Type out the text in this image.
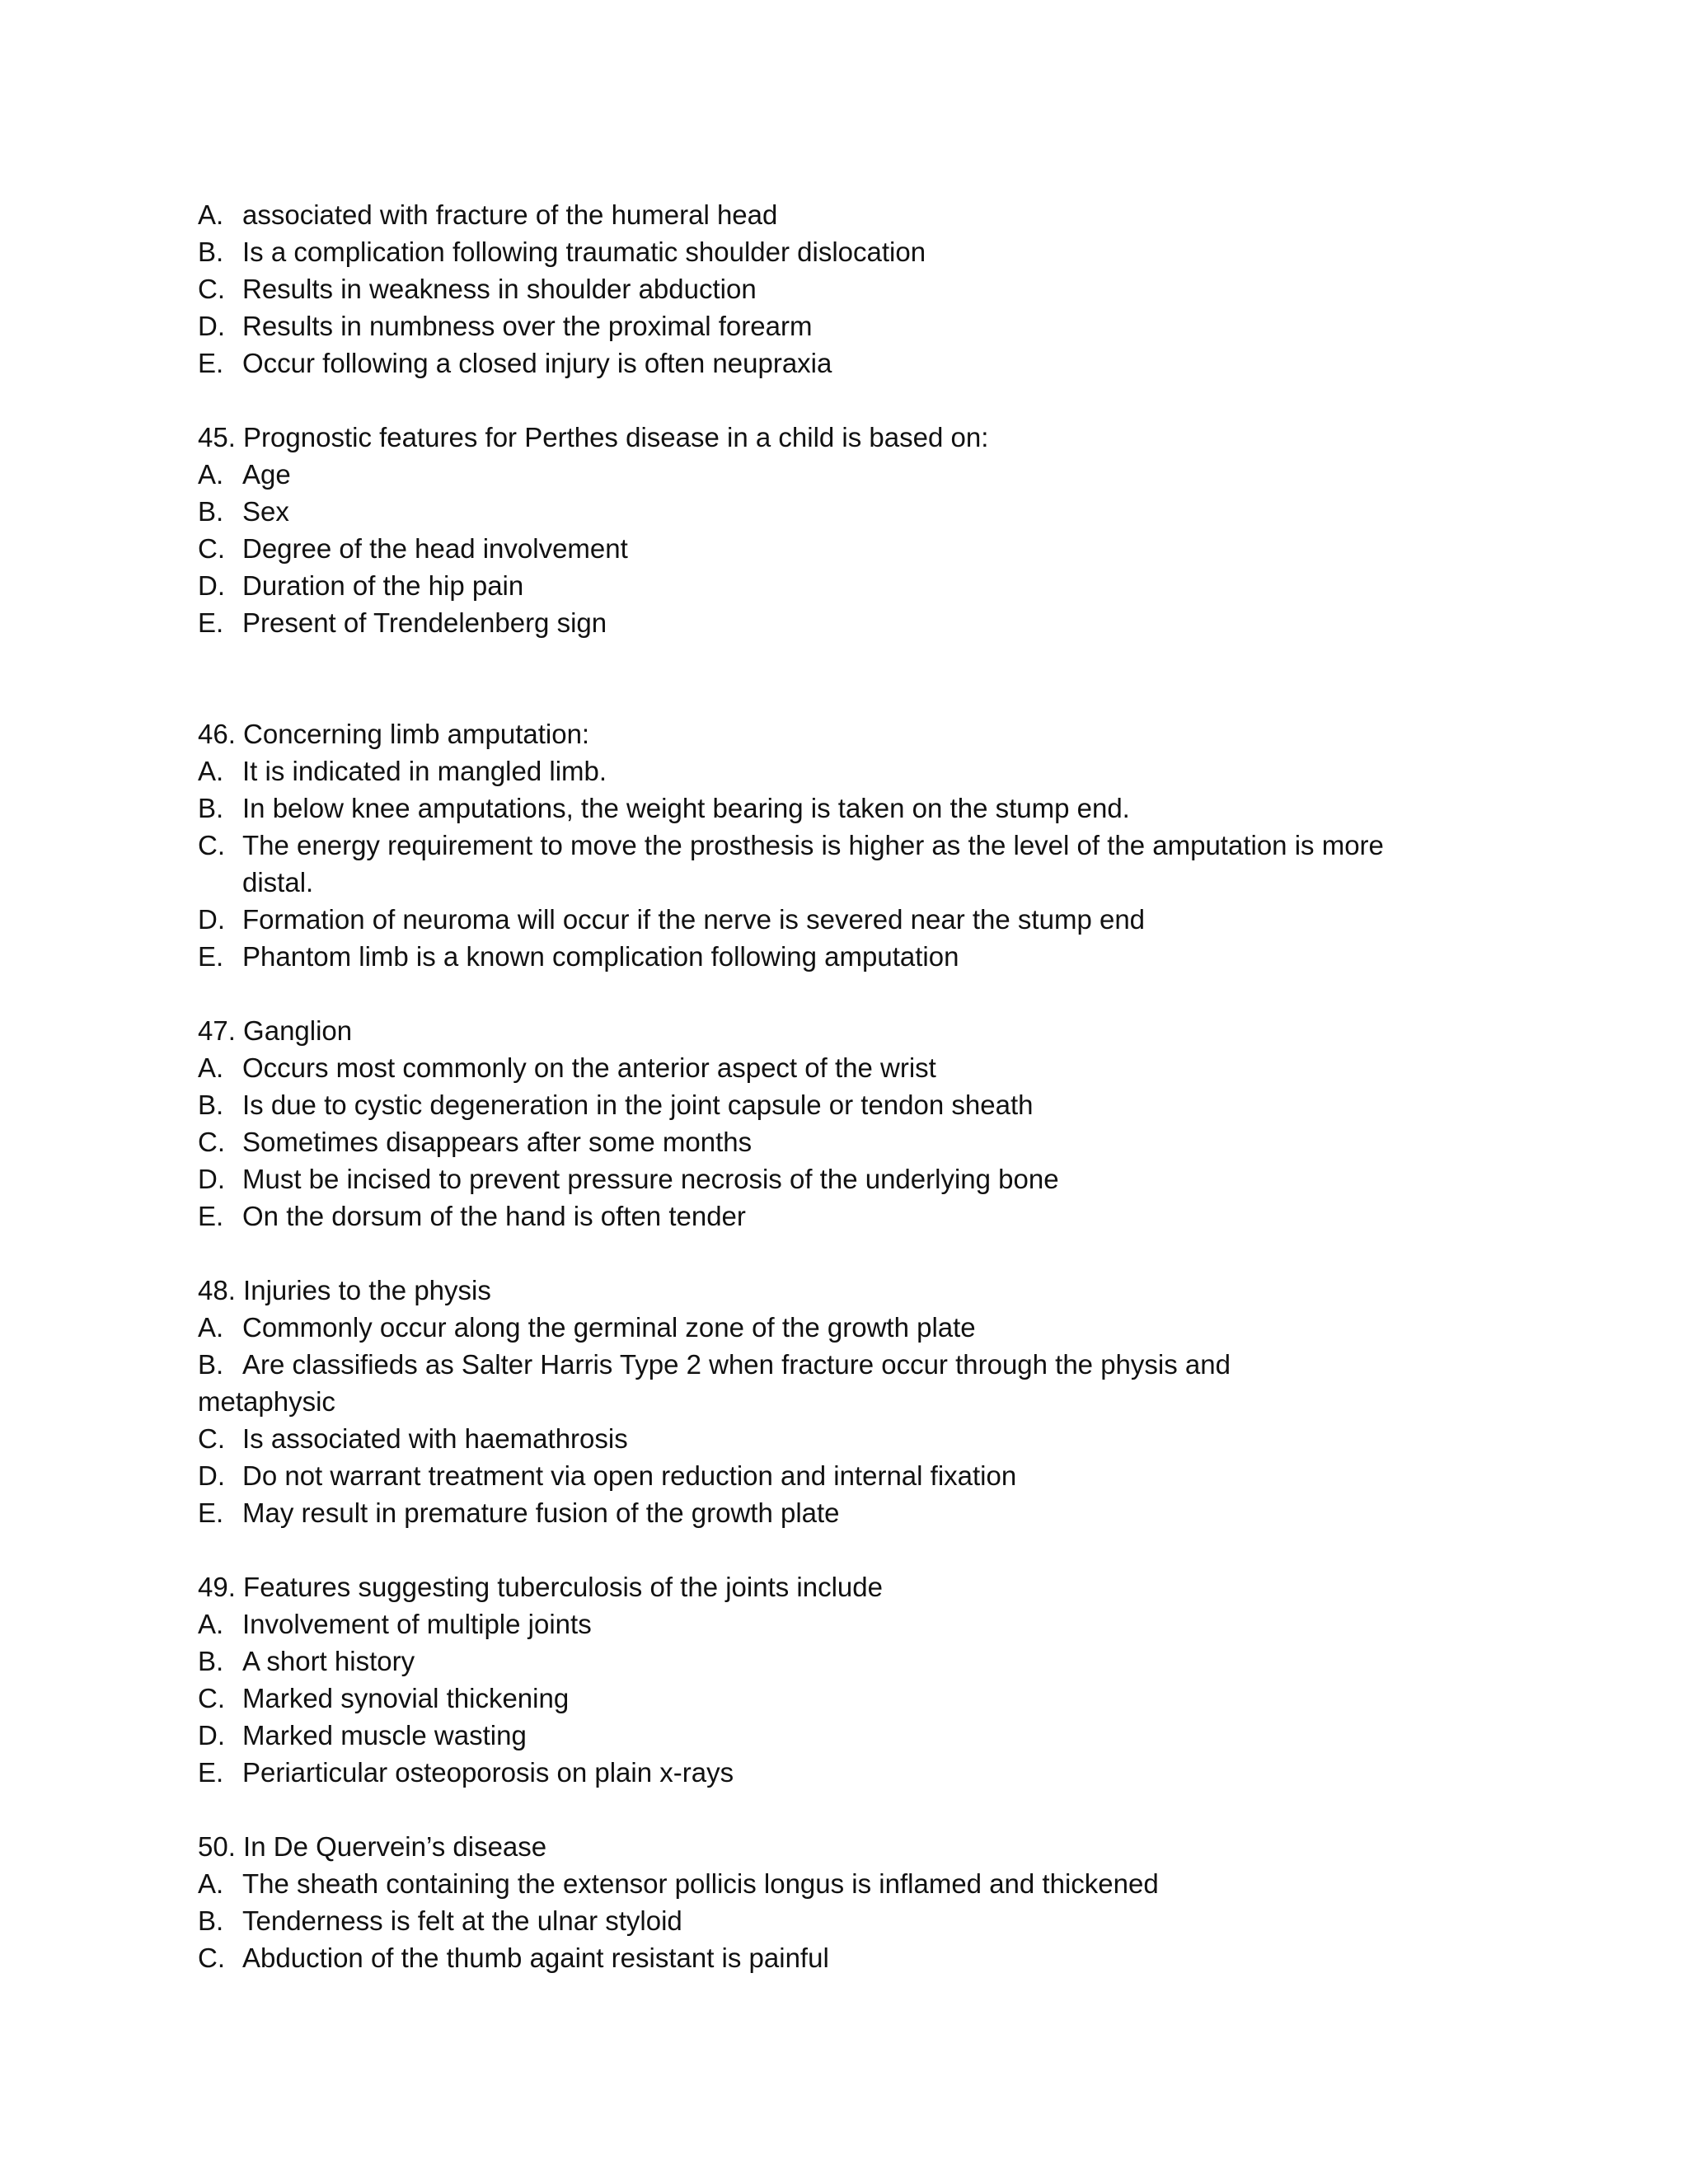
A. associated with fracture of the humeral head
B. Is a complication following traumatic shoulder dislocation
C. Results in weakness in shoulder abduction
D. Results in numbness over the proximal forearm
E. Occur following a closed injury is often neupraxia
45. Prognostic features for Perthes disease in a child is based on:
A. Age
B. Sex
C. Degree of the head involvement
D. Duration of the hip pain
E. Present of Trendelenberg sign
46. Concerning limb amputation:
A. It is indicated in mangled limb.
B. In below knee amputations, the weight bearing is taken on the stump end.
C. The energy requirement to move the prosthesis is higher as the level of the amputation is more distal.
D. Formation of neuroma will occur if the nerve is severed near the stump end
E. Phantom limb is a known complication following amputation
47. Ganglion
A. Occurs most commonly on the anterior aspect of the wrist
B. Is due to cystic degeneration in the joint capsule or tendon sheath
C. Sometimes disappears after some months
D. Must be incised to prevent pressure necrosis of the underlying bone
E. On the dorsum of the hand is often tender
48. Injuries to the physis
A. Commonly occur along the germinal zone of the growth plate
B. Are classifieds as Salter Harris Type 2 when fracture occur through the physis and
metaphysic
C. Is associated with haemathrosis
D. Do not warrant treatment via open reduction and internal fixation
E. May result in premature fusion of the growth plate
49. Features suggesting tuberculosis of the joints include
A. Involvement of multiple joints
B. A short history
C. Marked synovial thickening
D. Marked muscle wasting
E. Periarticular osteoporosis on plain x-rays
50. In De Quervein’s disease
A. The sheath containing the extensor pollicis longus is inflamed and thickened
B. Tenderness is felt at the ulnar styloid
C. Abduction of the thumb againt resistant is painful
